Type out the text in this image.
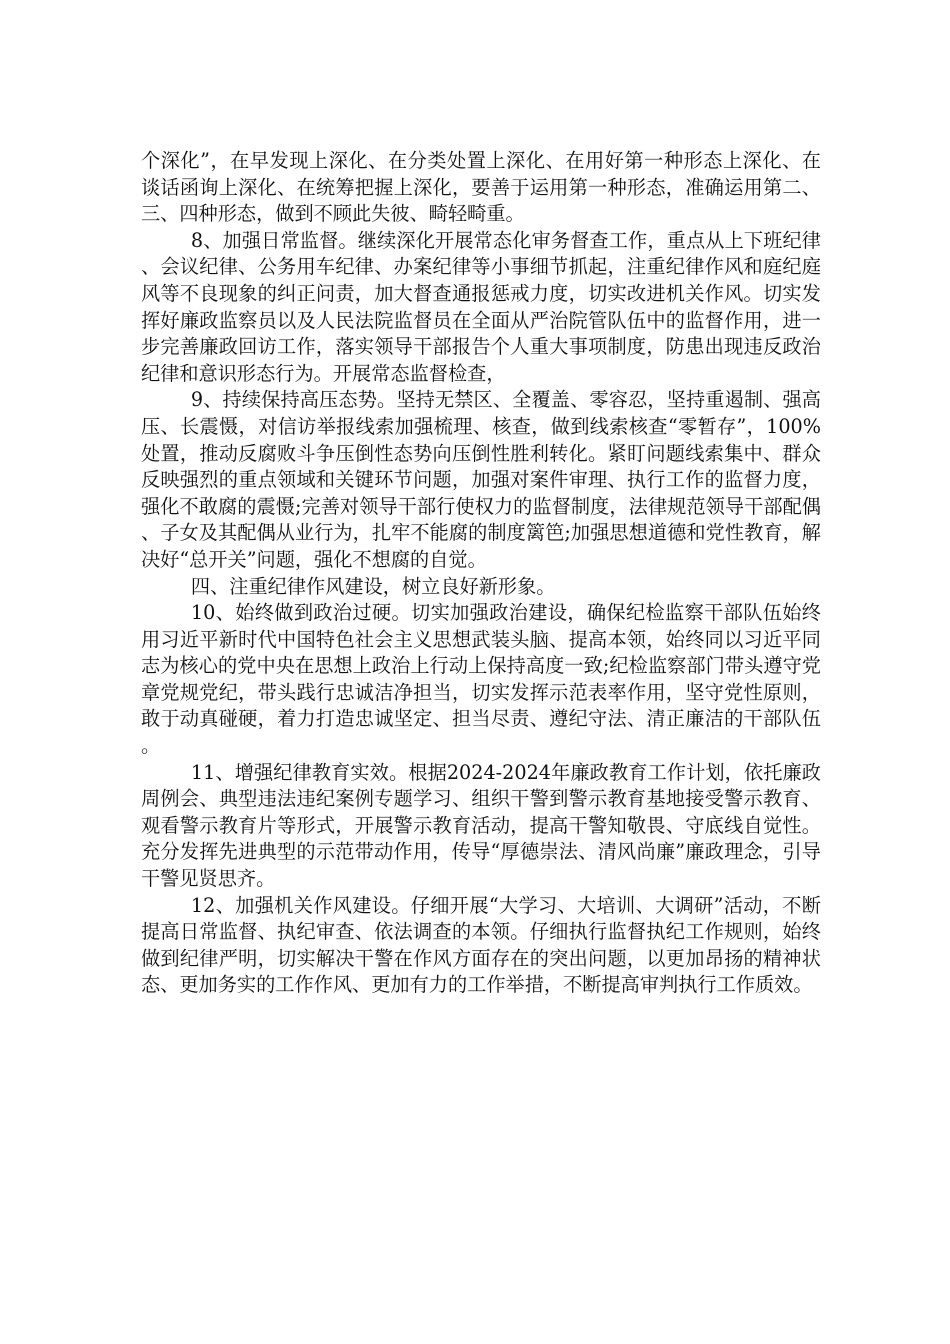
个深化”，在早发现上深化、在分类处置上深化、在用好第一种形态上深化、在谈话函询上深化、在统筹把握上深化，要善于运用第一种形态，准确运用第二、三、四种形态，做到不顾此失彼、畸轻畸重。

8、加强日常监督。继续深化开展常态化审务督查工作，重点从上下班纪律、会议纪律、公务用车纪律、办案纪律等小事细节抓起，注重纪律作风和庭纪庭风等不良现象的纠正问责，加大督查通报惩戒力度，切实改进机关作风。切实发挥好廉政监察员以及人民法院监督员在全面从严治院管队伍中的监督作用，进一步完善廉政回访工作，落实领导干部报告个人重大事项制度，防患出现违反政治纪律和意识形态行为。开展常态监督检查，

9、持续保持高压态势。坚持无禁区、全覆盖、零容忍，坚持重遏制、强高压、长震慑，对信访举报线索加强梳理、核查，做到线索核查“零暂存”，100%处置，推动反腐败斗争压倒性态势向压倒性胜利转化。紧盯问题线索集中、群众反映强烈的重点领域和关键环节问题，加强对案件审理、执行工作的监督力度，强化不敢腐的震慑;完善对领导干部行使权力的监督制度，法律规范领导干部配偶、子女及其配偶从业行为，扎牢不能腐的制度篱笆;加强思想道德和党性教育，解决好“总开关”问题，强化不想腐的自觉。

四、注重纪律作风建设，树立良好新形象。

10、始终做到政治过硬。切实加强政治建设，确保纪检监察干部队伍始终用习近平新时代中国特色社会主义思想武装头脑、提高本领，始终同以习近平同志为核心的党中央在思想上政治上行动上保持高度一致;纪检监察部门带头遵守党章党规党纪，带头践行忠诚洁净担当，切实发挥示范表率作用，坚守党性原则，敢于动真碰硬，着力打造忠诚坚定、担当尽责、遵纪守法、清正廉洁的干部队伍。

11、增强纪律教育实效。根据2024-2024年廉政教育工作计划，依托廉政周例会、典型违法违纪案例专题学习、组织干警到警示教育基地接受警示教育、观看警示教育片等形式，开展警示教育活动，提高干警知敬畏、守底线自觉性。充分发挥先进典型的示范带动作用，传导“厚德崇法、清风尚廉”廉政理念，引导干警见贤思齐。

12、加强机关作风建设。仔细开展“大学习、大培训、大调研”活动，不断提高日常监督、执纪审查、依法调查的本领。仔细执行监督执纪工作规则，始终做到纪律严明，切实解决干警在作风方面存在的突出问题，以更加昂扬的精神状态、更加务实的工作作风、更加有力的工作举措，不断提高审判执行工作质效。
